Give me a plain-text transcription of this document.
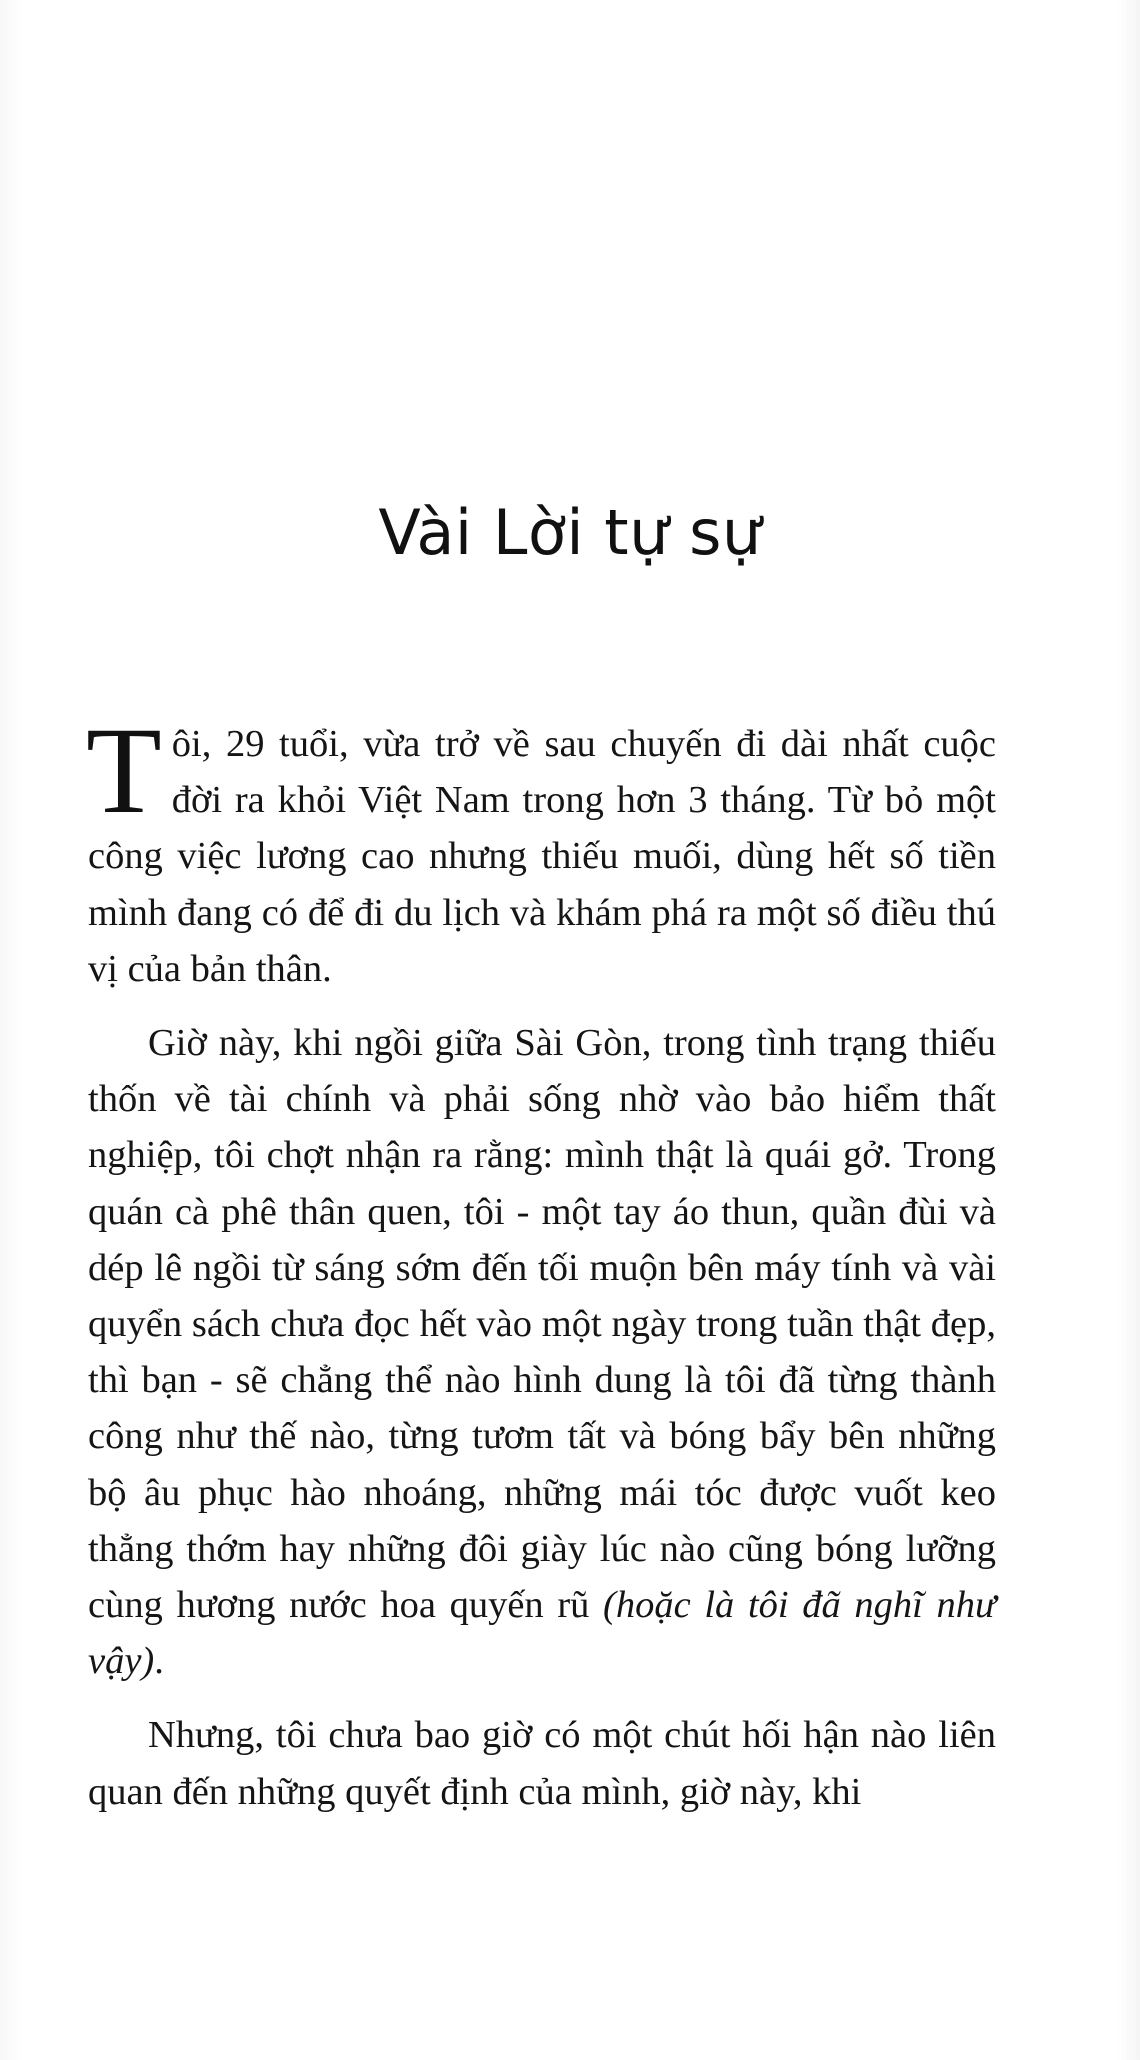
Vài Lời tự sự

Tôi, 29 tuổi, vừa trở về sau chuyến đi dài nhất cuộc đời ra khỏi Việt Nam trong hơn 3 tháng. Từ bỏ một công việc lương cao nhưng thiếu muối, dùng hết số tiền mình đang có để đi du lịch và khám phá ra một số điều thú vị của bản thân.

Giờ này, khi ngồi giữa Sài Gòn, trong tình trạng thiếu thốn về tài chính và phải sống nhờ vào bảo hiểm thất nghiệp, tôi chợt nhận ra rằng: mình thật là quái gở. Trong quán cà phê thân quen, tôi - một tay áo thun, quần đùi và dép lê ngồi từ sáng sớm đến tối muộn bên máy tính và vài quyển sách chưa đọc hết vào một ngày trong tuần thật đẹp, thì bạn - sẽ chẳng thể nào hình dung là tôi đã từng thành công như thế nào, từng tươm tất và bóng bẩy bên những bộ âu phục hào nhoáng, những mái tóc được vuốt keo thẳng thớm hay những đôi giày lúc nào cũng bóng lưỡng cùng hương nước hoa quyến rũ (hoặc là tôi đã nghĩ như vậy).

Nhưng, tôi chưa bao giờ có một chút hối hận nào liên quan đến những quyết định của mình, giờ này, khi
